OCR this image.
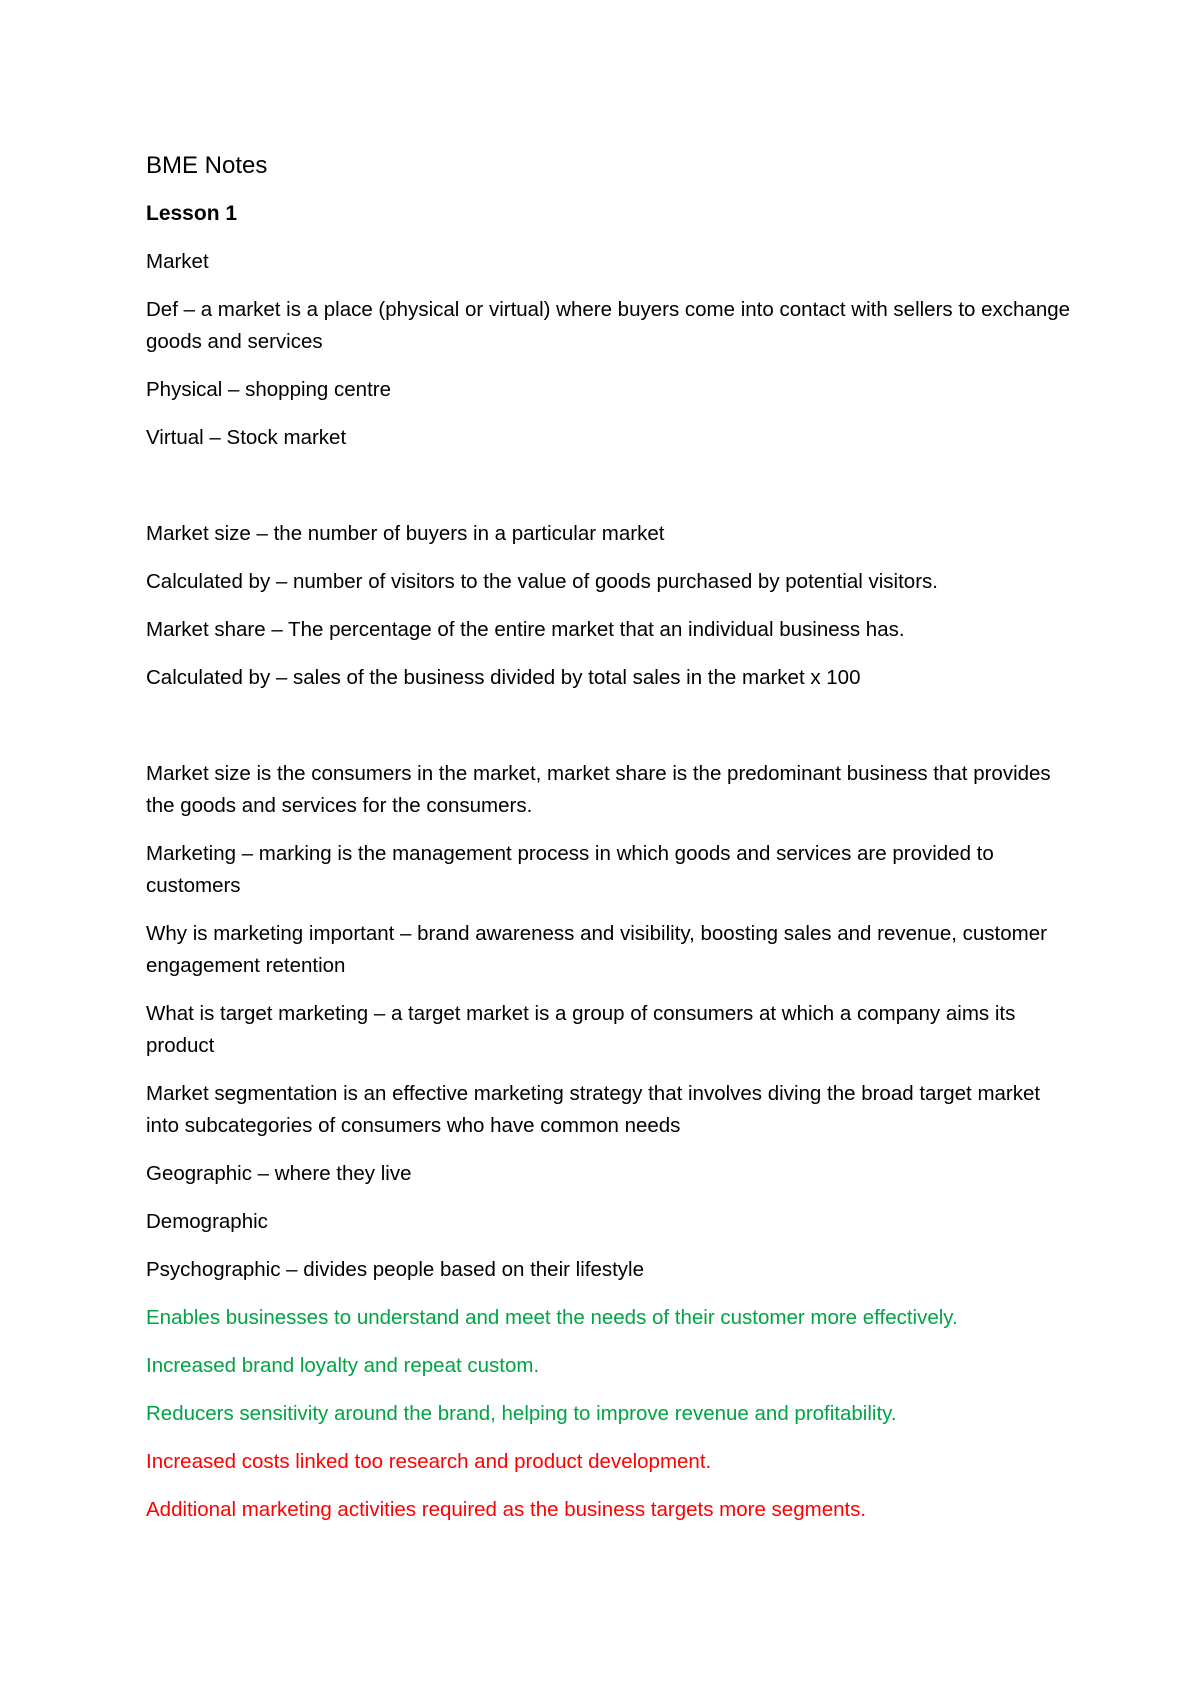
BME Notes
Lesson 1
Market
Def – a market is a place (physical or virtual) where buyers come into contact with sellers to exchange goods and services
Physical – shopping centre
Virtual – Stock market
Market size – the number of buyers in a particular market
Calculated by – number of visitors to the value of goods purchased by potential visitors.
Market share – The percentage of the entire market that an individual business has.
Calculated by – sales of the business divided by total sales in the market x 100
Market size is the consumers in the market, market share is the predominant business that provides the goods and services for the consumers.
Marketing – marking is the management process in which goods and services are provided to customers
Why is marketing important – brand awareness and visibility, boosting sales and revenue, customer engagement retention
What is target marketing – a target market is a group of consumers at which a company aims its product
Market segmentation is an effective marketing strategy that involves diving the broad target market into subcategories of consumers who have common needs
Geographic – where they live
Demographic
Psychographic – divides people based on their lifestyle
Enables businesses to understand and meet the needs of their customer more effectively.
Increased brand loyalty and repeat custom.
Reducers sensitivity around the brand, helping to improve revenue and profitability.
Increased costs linked too research and product development.
Additional marketing activities required as the business targets more segments.
